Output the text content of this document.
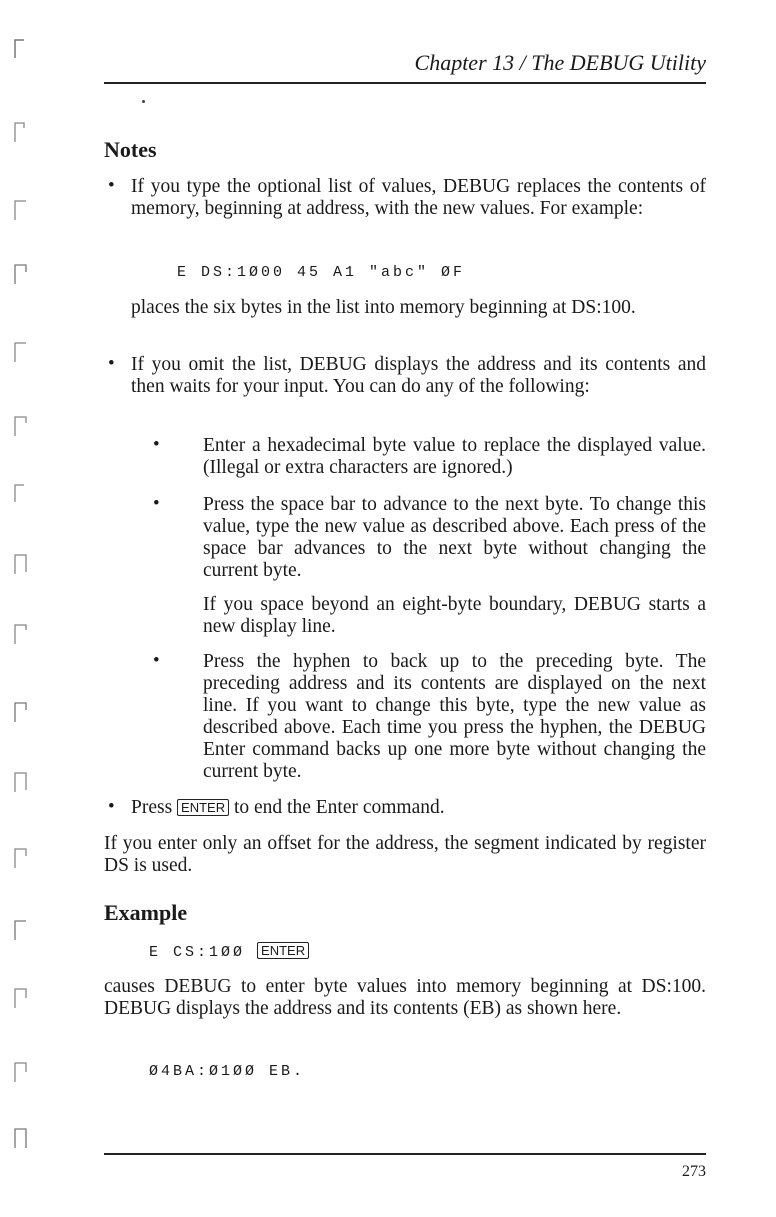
Chapter 13 / The DEBUG Utility
Notes
• If you type the optional list of values, DEBUG replaces the contents of memory, beginning at address, with the new values. For example:

E DS:1Ø00 45 A1 "abc" ØF

places the six bytes in the list into memory beginning at DS:100.

• If you omit the list, DEBUG displays the address and its contents and then waits for your input. You can do any of the following:

• Enter a hexadecimal byte value to replace the displayed value. (Illegal or extra characters are ignored.)

• Press the space bar to advance to the next byte. To change this value, type the new value as described above. Each press of the space bar advances to the next byte without changing the current byte.

If you space beyond an eight-byte boundary, DEBUG starts a new display line.

• Press the hyphen to back up to the preceding byte. The preceding address and its contents are displayed on the next line. If you want to change this byte, type the new value as described above. Each time you press the hyphen, the DEBUG Enter command backs up one more byte without changing the current byte.

• Press ENTER to end the Enter command.

If you enter only an offset for the address, the segment indicated by register DS is used.

Example
E CS:1ØØ ENTER

causes DEBUG to enter byte values into memory beginning at DS:100. DEBUG displays the address and its contents (EB) as shown here.

Ø4BA:Ø1ØØ EB.
273
